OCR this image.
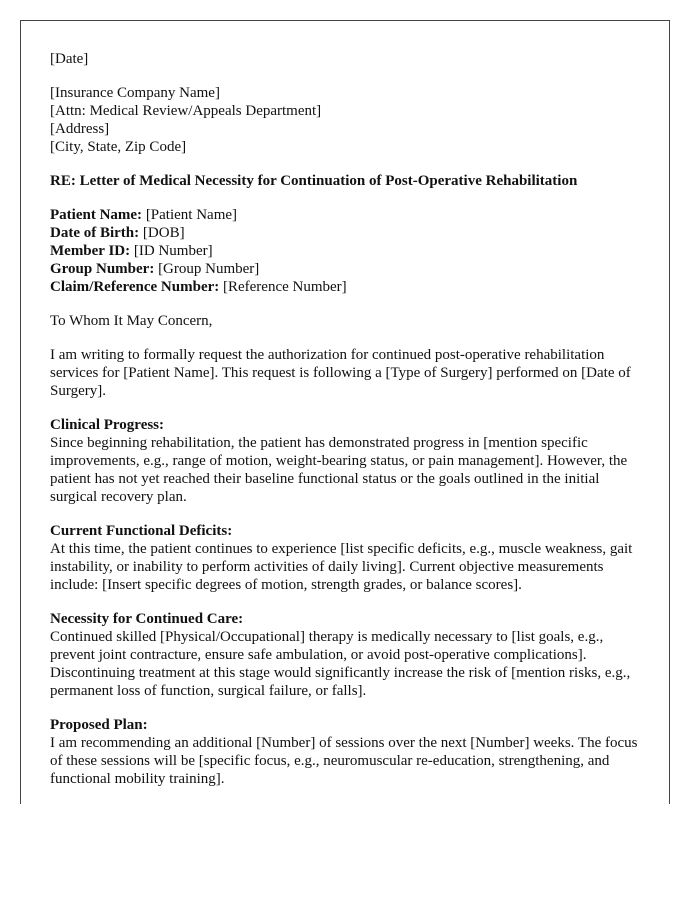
[Date]

[Insurance Company Name]
[Attn: Medical Review/Appeals Department]
[Address]
[City, State, Zip Code]

RE: Letter of Medical Necessity for Continuation of Post-Operative Rehabilitation

Patient Name: [Patient Name]
Date of Birth: [DOB]
Member ID: [ID Number]
Group Number: [Group Number]
Claim/Reference Number: [Reference Number]

To Whom It May Concern,

I am writing to formally request the authorization for continued post-operative rehabilitation services for [Patient Name]. This request is following a [Type of Surgery] performed on [Date of Surgery].

Clinical Progress:
Since beginning rehabilitation, the patient has demonstrated progress in [mention specific improvements, e.g., range of motion, weight-bearing status, or pain management]. However, the patient has not yet reached their baseline functional status or the goals outlined in the initial surgical recovery plan.

Current Functional Deficits:
At this time, the patient continues to experience [list specific deficits, e.g., muscle weakness, gait instability, or inability to perform activities of daily living]. Current objective measurements include: [Insert specific degrees of motion, strength grades, or balance scores].

Necessity for Continued Care:
Continued skilled [Physical/Occupational] therapy is medically necessary to [list goals, e.g., prevent joint contracture, ensure safe ambulation, or avoid post-operative complications]. Discontinuing treatment at this stage would significantly increase the risk of [mention risks, e.g., permanent loss of function, surgical failure, or falls].

Proposed Plan:
I am recommending an additional [Number] of sessions over the next [Number] weeks. The focus of these sessions will be [specific focus, e.g., neuromuscular re-education, strengthening, and functional mobility training].
